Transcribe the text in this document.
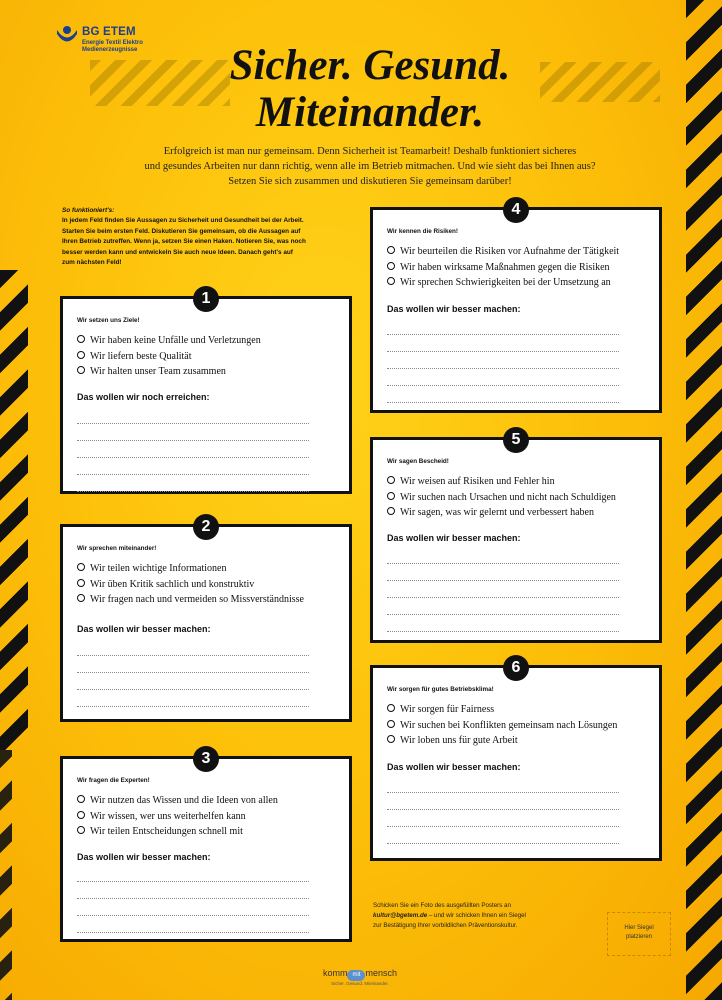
BG ETEM
Energie Textil Elektro
Medienerzeugnisse	Sicher. Gesund.
Miteinander.
Erfolgreich ist man nur gemeinsam. Denn Sicherheit ist Teamarbeit! Deshalb funktioniert sicheres
und gesundes Arbeiten nur dann richtig, wenn alle im Betrieb mitmachen. Und wie sieht das bei Ihnen aus?
Setzen Sie sich zusammen und diskutieren Sie gemeinsam darüber!
So funktioniert's:
In jedem Feld finden Sie Aussagen zu Sicherheit und Gesundheit bei der Arbeit.
Starten Sie beim ersten Feld. Diskutieren Sie gemeinsam, ob die Aussagen auf
Ihren Betrieb zutreffen. Wenn ja, setzen Sie einen Haken. Notieren Sie, was noch
besser werden kann und entwickeln Sie auch neue Ideen. Danach geht's auf
zum nächsten Feld!
1
Wir setzen uns Ziele!
Wir haben keine Unfälle und Verletzungen
Wir liefern beste Qualität
Wir halten unser Team zusammen
Das wollen wir noch erreichen:
2
Wir sprechen miteinander!
Wir teilen wichtige Informationen
Wir üben Kritik sachlich und konstruktiv
Wir fragen nach und vermeiden so Missverständnisse
Das wollen wir besser machen:
3
Wir fragen die Experten!
Wir nutzen das Wissen und die Ideen von allen
Wir wissen, wer uns weiterhelfen kann
Wir teilen Entscheidungen schnell mit
Das wollen wir besser machen:
4
Wir kennen die Risiken!
Wir beurteilen die Risiken vor Aufnahme der Tätigkeit
Wir haben wirksame Maßnahmen gegen die Risiken
Wir sprechen Schwierigkeiten bei der Umsetzung an
Das wollen wir besser machen:
5
Wir sagen Bescheid!
Wir weisen auf Risiken und Fehler hin
Wir suchen nach Ursachen und nicht nach Schuldigen
Wir sagen, was wir gelernt und verbessert haben
Das wollen wir besser machen:
6
Wir sorgen für gutes Betriebsklima!
Wir sorgen für Fairness
Wir suchen bei Konflikten gemeinsam nach Lösungen
Wir loben uns für gute Arbeit
Das wollen wir besser machen:
Schicken Sie ein Foto des ausgefüllten Posters an
kultur@bgetem.de – und wir schicken Ihnen ein Siegel
zur Bestätigung Ihrer vorbildlichen Präventionskultur.	Hier Siegel
platzieren
komm mit mensch
Sicher. Gesund. Miteinander.
